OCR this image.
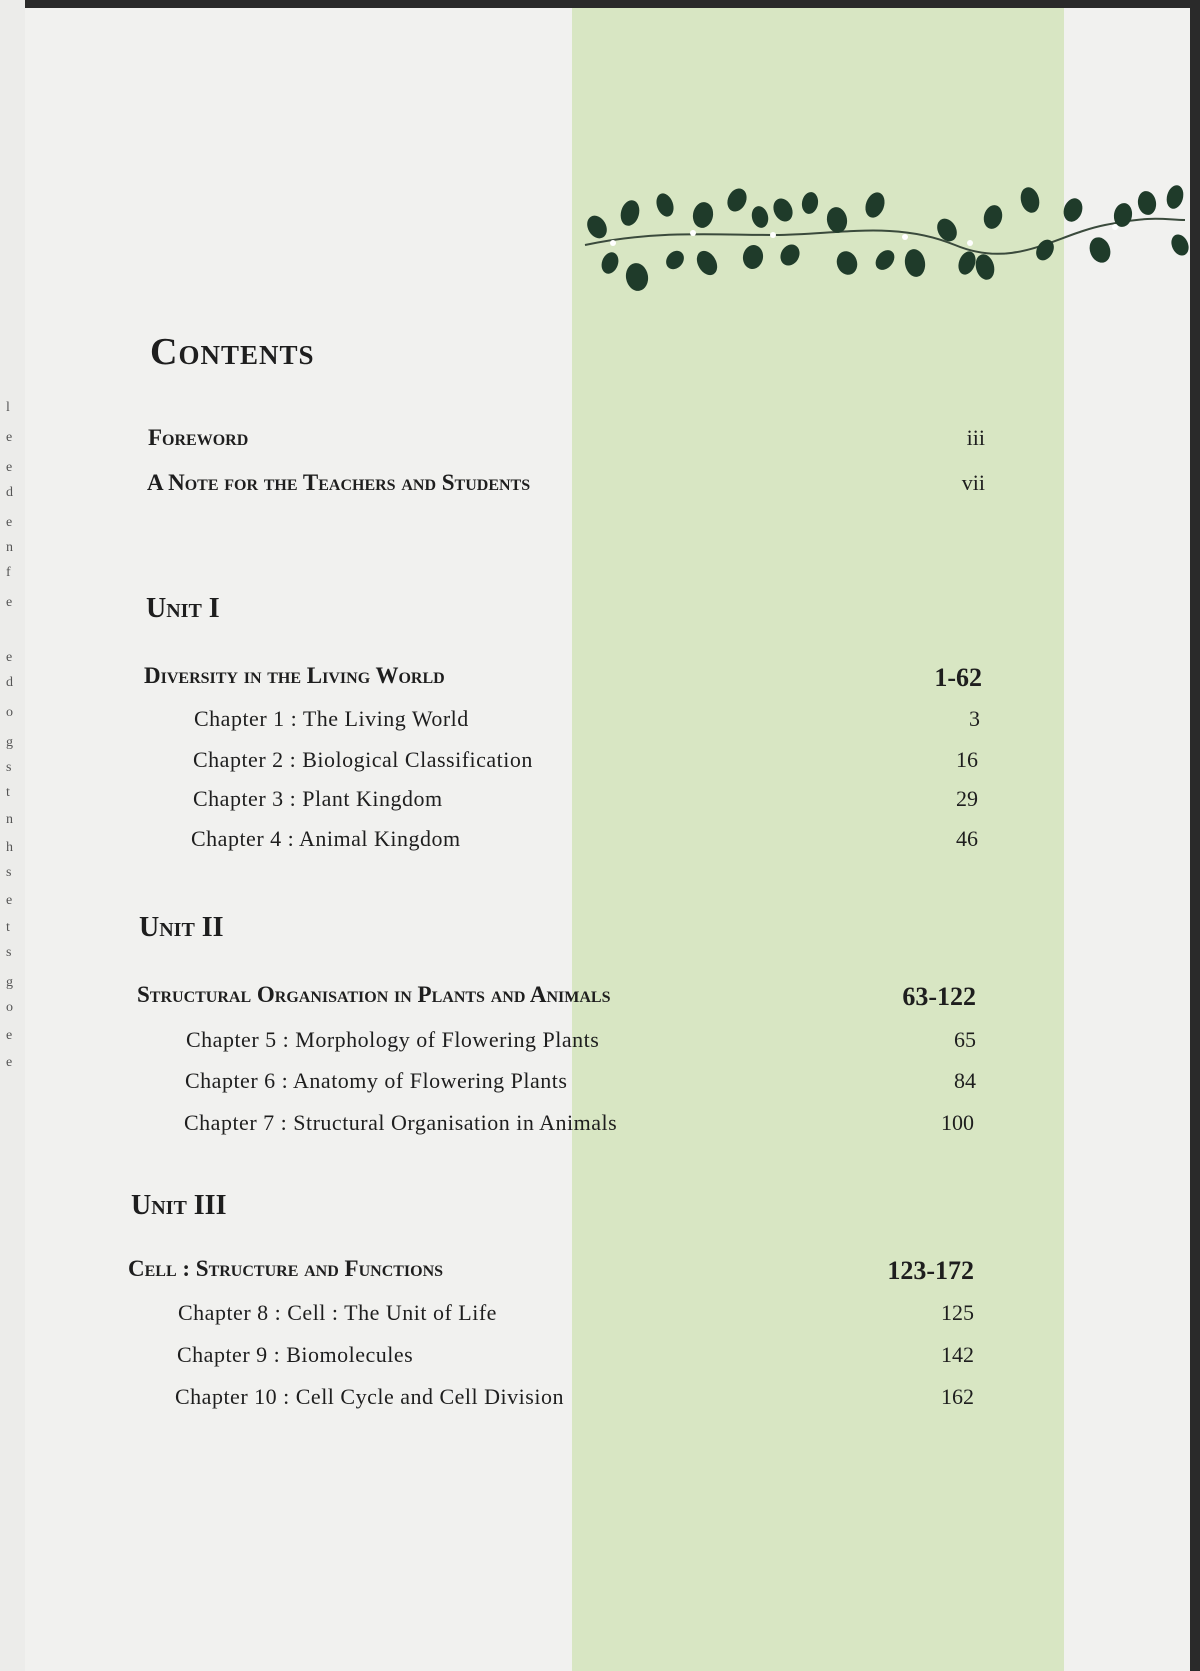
l
e
e
d
e
n
f
e
e
d
o
g
s
t
n
h
s
e
t
s
g
o
e
e
Contents
Foreword	iii
A Note for the Teachers and Students	vii
Unit I
Diversity in the Living World	1-62
Chapter 1 : The Living World	3
Chapter 2 : Biological Classification	16
Chapter 3 : Plant Kingdom	29
Chapter 4 : Animal Kingdom	46
Unit II
Structural Organisation in Plants and Animals	63-122
Chapter 5 : Morphology of Flowering Plants	65
Chapter 6 : Anatomy of Flowering Plants	84
Chapter 7 : Structural Organisation in Animals	100
Unit III
Cell : Structure and Functions	123-172
Chapter 8 : Cell : The Unit of Life	125
Chapter 9 : Biomolecules	142
Chapter 10 : Cell Cycle and Cell Division	162
